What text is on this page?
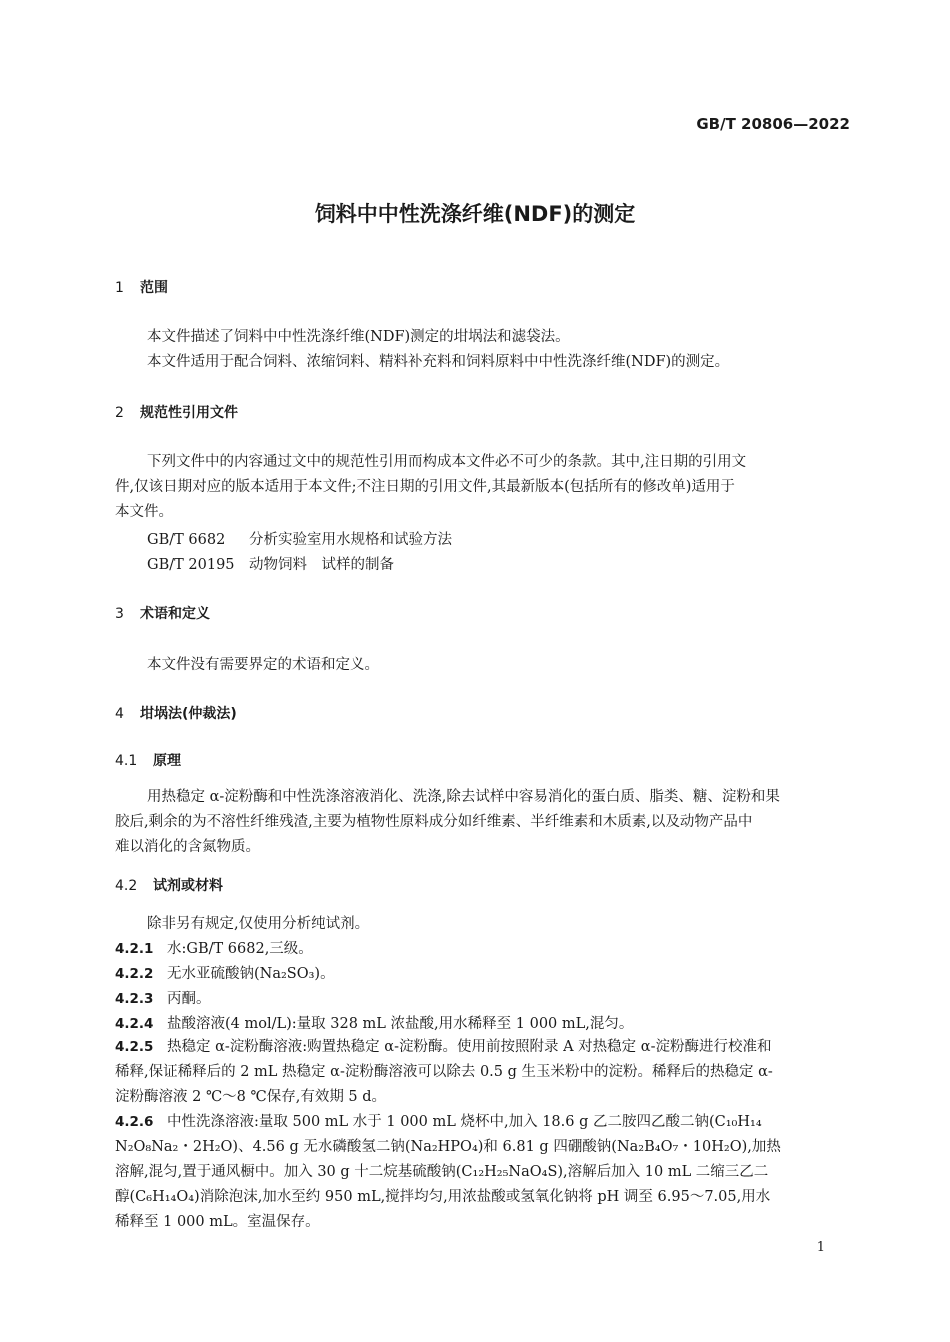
GB/T 20806—2022
饲料中中性洗涤纤维(NDF)的测定
1 范围
本文件描述了饲料中中性洗涤纤维(NDF)测定的坩埚法和滤袋法。
本文件适用于配合饲料、浓缩饲料、精料补充料和饲料原料中中性洗涤纤维(NDF)的测定。
2 规范性引用文件
下列文件中的内容通过文中的规范性引用而构成本文件必不可少的条款。其中,注日期的引用文
件,仅该日期对应的版本适用于本文件;不注日期的引用文件,其最新版本(包括所有的修改单)适用于
本文件。
GB/T 6682 分析实验室用水规格和试验方法
GB/T 20195 动物饲料　试样的制备
3 术语和定义
本文件没有需要界定的术语和定义。
4 坩埚法(仲裁法)
4.1 原理
用热稳定 α-淀粉酶和中性洗涤溶液消化、洗涤,除去试样中容易消化的蛋白质、脂类、糖、淀粉和果
胶后,剩余的为不溶性纤维残渣,主要为植物性原料成分如纤维素、半纤维素和木质素,以及动物产品中
难以消化的含氮物质。
4.2 试剂或材料
除非另有规定,仅使用分析纯试剂。
4.2.1 水:GB/T 6682,三级。
4.2.2 无水亚硫酸钠(Na₂SO₃)。
4.2.3 丙酮。
4.2.4 盐酸溶液(4 mol/L):量取 328 mL 浓盐酸,用水稀释至 1 000 mL,混匀。
4.2.5 热稳定 α-淀粉酶溶液:购置热稳定 α-淀粉酶。使用前按照附录 A 对热稳定 α-淀粉酶进行校准和
稀释,保证稀释后的 2 mL 热稳定 α-淀粉酶溶液可以除去 0.5 g 生玉米粉中的淀粉。稀释后的热稳定 α-
淀粉酶溶液 2 ℃～8 ℃保存,有效期 5 d。
4.2.6 中性洗涤溶液:量取 500 mL 水于 1 000 mL 烧杯中,加入 18.6 g 乙二胺四乙酸二钠(C₁₀H₁₄
N₂O₈Na₂・2H₂O)、4.56 g 无水磷酸氢二钠(Na₂HPO₄)和 6.81 g 四硼酸钠(Na₂B₄O₇・10H₂O),加热
溶解,混匀,置于通风橱中。加入 30 g 十二烷基硫酸钠(C₁₂H₂₅NaO₄S),溶解后加入 10 mL 二缩三乙二
醇(C₆H₁₄O₄)消除泡沫,加水至约 950 mL,搅拌均匀,用浓盐酸或氢氧化钠将 pH 调至 6.95～7.05,用水
稀释至 1 000 mL。室温保存。
1
